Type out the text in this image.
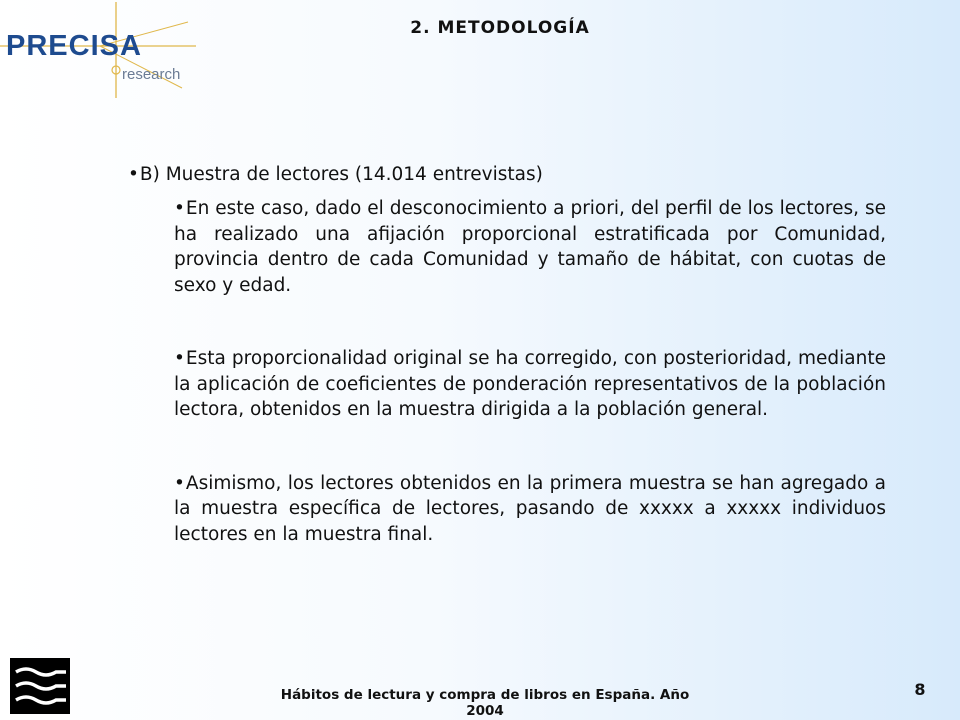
PRECISA

research

2. METODOLOGÍA

• B) Muestra de lectores (14.014 entrevistas)

• En este caso, dado el desconocimiento a priori, del perfil de los lectores, se ha realizado una afijación proporcional estratificada por Comunidad, provincia dentro de cada Comunidad y tamaño de hábitat, con cuotas de sexo y edad.

• Esta proporcionalidad original se ha corregido, con posterioridad, mediante la aplicación de coeficientes de ponderación representativos de la población lectora, obtenidos en la muestra dirigida a la población general.

• Asimismo, los lectores obtenidos en la primera muestra se han agregado a la muestra específica de lectores, pasando de xxxxx a xxxxx individuos lectores en la muestra final.

Hábitos de lectura y compra de libros en España. Año 2004

8
